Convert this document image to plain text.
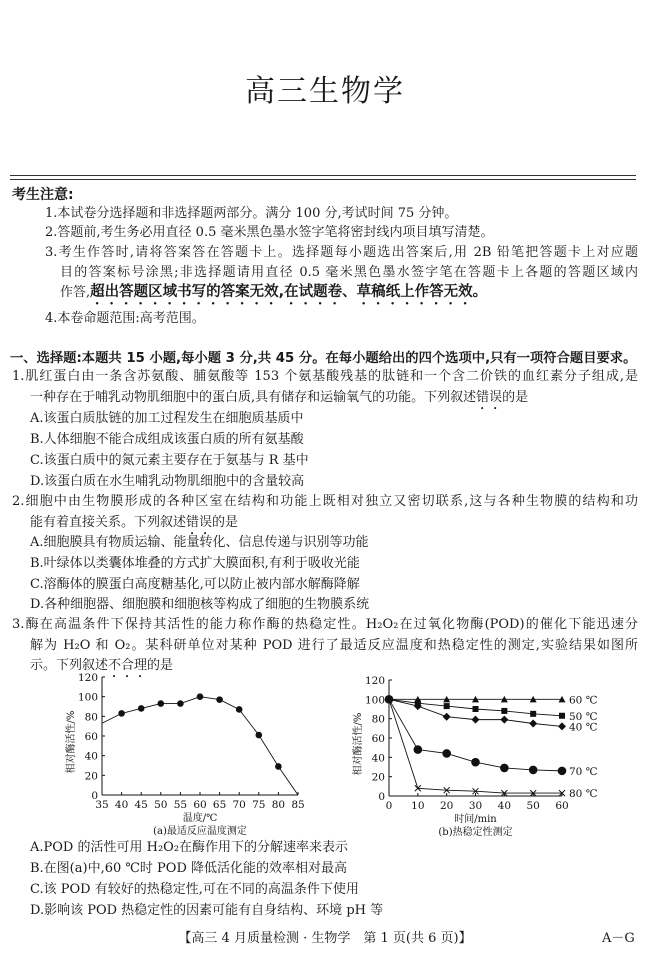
高三生物学
考生注意:
1.本试卷分选择题和非选择题两部分。满分 100 分,考试时间 75 分钟。
2.答题前,考生务必用直径 0.5 毫米黑色墨水签字笔将密封线内项目填写清楚。
3.考生作答时,请将答案答在答题卡上。选择题每小题选出答案后,用 2B 铅笔把答题卡上对应题
目的答案标号涂黑;非选择题请用直径 0.5 毫米黑色墨水签字笔在答题卡上各题的答题区域内
作答,超出答题区域书写的答案无效,在试题卷、草稿纸上作答无效。
4.本卷命题范围:高考范围。
一、选择题:本题共 15 小题,每小题 3 分,共 45 分。在每小题给出的四个选项中,只有一项符合题目要求。
1.肌红蛋白由一条含苏氨酸、脯氨酸等 153 个氨基酸残基的肽链和一个含二价铁的血红素分子组成,是
一种存在于哺乳动物肌细胞中的蛋白质,具有储存和运输氧气的功能。下列叙述错误的是
A.该蛋白质肽链的加工过程发生在细胞质基质中
B.人体细胞不能合成组成该蛋白质的所有氨基酸
C.该蛋白质中的氮元素主要存在于氨基与 R 基中
D.该蛋白质在水生哺乳动物肌细胞中的含量较高
2.细胞中由生物膜形成的各种区室在结构和功能上既相对独立又密切联系,这与各种生物膜的结构和功
能有着直接关系。下列叙述错误的是
A.细胞膜具有物质运输、能量转化、信息传递与识别等功能
B.叶绿体以类囊体堆叠的方式扩大膜面积,有利于吸收光能
C.溶酶体的膜蛋白高度糖基化,可以防止被内部水解酶降解
D.各种细胞器、细胞膜和细胞核等构成了细胞的生物膜系统
3.酶在高温条件下保持其活性的能力称作酶的热稳定性。H₂O₂在过氧化物酶(POD)的催化下能迅速分
解为 H₂O 和 O₂。某科研单位对某种 POD 进行了最适反应温度和热稳定性的测定,实验结果如图所
示。下列叙述不合理的是
A.POD 的活性可用 H₂O₂在酶作用下的分解速率来表示
B.在图(a)中,60 ℃时 POD 降低活化能的效率相对最高
C.该 POD 有较好的热稳定性,可在不同的高温条件下使用
D.影响该 POD 热稳定性的因素可能有自身结构、环境 pH 等
35 40 45 50 55 60 65 70 75 80 85
0
20
40
60
80
100
120
温度/℃
(a)最适反应温度测定
相对酶活性/%
0 10 20 30 40 50 60
0
20
40
60
80
100
120
时间/min
(b)热稳定性测定
相对酶活性/%
60 ℃
50 ℃
40 ℃
70 ℃
80 ℃
【高三 4 月质量检测 · 生物学　第 1 页(共 6 页)】	A－G
